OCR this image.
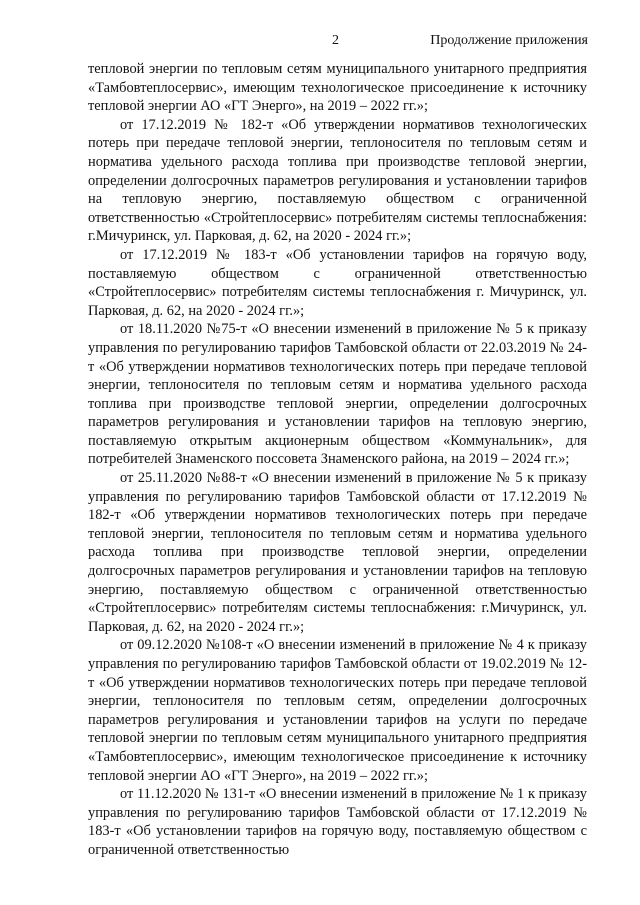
2	Продолжение приложения

тепловой энергии по тепловым сетям муниципального унитарного предприятия «Тамбовтеплосервис», имеющим технологическое присоединение к источнику тепловой энергии АО «ГТ Энерго», на 2019 – 2022 гг.»;

от 17.12.2019 № 182-т «Об утверждении нормативов технологических потерь при передаче тепловой энергии, теплоносителя по тепловым сетям и норматива удельного расхода топлива при производстве тепловой энергии, определении долгосрочных параметров регулирования и установлении тарифов на тепловую энергию, поставляемую обществом с ограниченной ответственностью «Стройтеплосервис» потребителям системы теплоснабжения: г.Мичуринск, ул. Парковая, д. 62, на 2020 - 2024 гг.»;

от 17.12.2019 № 183-т «Об установлении тарифов на горячую воду, поставляемую обществом с ограниченной ответственностью «Стройтеплосервис» потребителям системы теплоснабжения г. Мичуринск, ул. Парковая, д. 62, на 2020 - 2024 гг.»;

от 18.11.2020 №75-т «О внесении изменений в приложение № 5 к приказу управления по регулированию тарифов Тамбовской области от 22.03.2019 № 24-т «Об утверждении нормативов технологических потерь при передаче тепловой энергии, теплоносителя по тепловым сетям и норматива удельного расхода топлива при производстве тепловой энергии, определении долгосрочных параметров регулирования и установлении тарифов на тепловую энергию, поставляемую открытым акционерным обществом «Коммунальник», для потребителей Знаменского поссовета Знаменского района, на 2019 – 2024 гг.»;

от 25.11.2020 №88-т «О внесении изменений в приложение № 5 к приказу управления по регулированию тарифов Тамбовской области от 17.12.2019 № 182-т «Об утверждении нормативов технологических потерь при передаче тепловой энергии, теплоносителя по тепловым сетям и норматива удельного расхода топлива при производстве тепловой энергии, определении долгосрочных параметров регулирования и установлении тарифов на тепловую энергию, поставляемую обществом с ограниченной ответственностью «Стройтеплосервис» потребителям системы теплоснабжения: г.Мичуринск, ул. Парковая, д. 62, на 2020 - 2024 гг.»;

от 09.12.2020 №108-т «О внесении изменений в приложение № 4 к приказу управления по регулированию тарифов Тамбовской области от 19.02.2019 № 12-т «Об утверждении нормативов технологических потерь при передаче тепловой энергии, теплоносителя по тепловым сетям, определении долгосрочных параметров регулирования и установлении тарифов на услуги по передаче тепловой энергии по тепловым сетям муниципального унитарного предприятия «Тамбовтеплосервис», имеющим технологическое присоединение к источнику тепловой энергии АО «ГТ Энерго», на 2019 – 2022 гг.»;

от 11.12.2020 № 131-т «О внесении изменений в приложение № 1 к приказу управления по регулированию тарифов Тамбовской области от 17.12.2019 № 183-т «Об установлении тарифов на горячую воду, поставляемую обществом с ограниченной ответственностью
